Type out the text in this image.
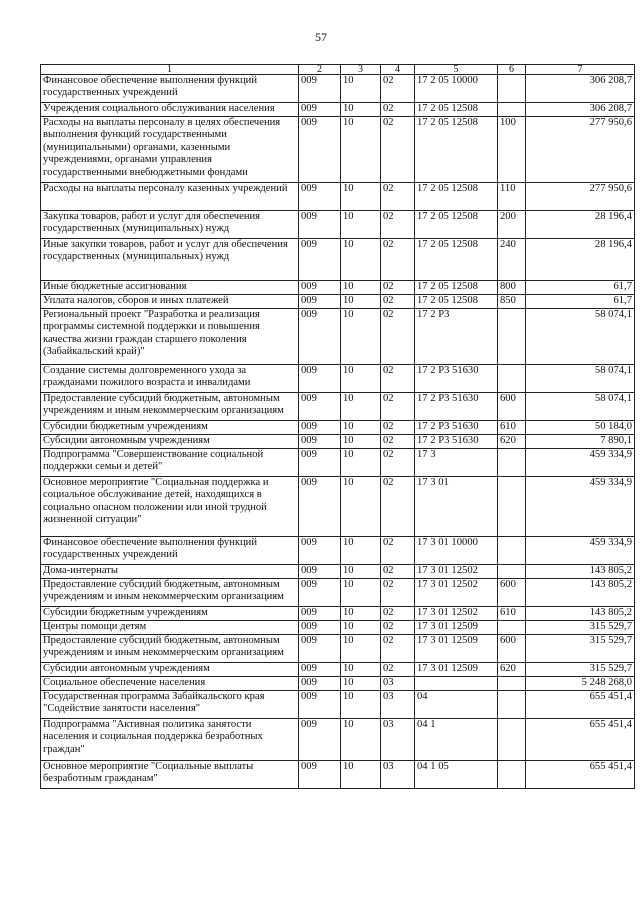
57
1	2	3	4	5	6	7
Финансовое обеспечение выполнения функций государственных учреждений	009	10	02	17 2 05 10000		306 208,7
Учреждения социального обслуживания населения	009	10	02	17 2 05 12508		306 208,7
Расходы на выплаты персоналу в целях обеспечения выполнения функций государственными (муниципальными) органами, казенными учреждениями, органами управления государственными внебюджетными фондами	009	10	02	17 2 05 12508	100	277 950,6
Расходы на выплаты персоналу казенных учреждений	009	10	02	17 2 05 12508	110	277 950,6
Закупка товаров, работ и услуг для обеспечения государственных (муниципальных) нужд	009	10	02	17 2 05 12508	200	28 196,4
Иные закупки товаров, работ и услуг для обеспечения государственных (муниципальных) нужд	009	10	02	17 2 05 12508	240	28 196,4
Иные бюджетные ассигнования	009	10	02	17 2 05 12508	800	61,7
Уплата налогов, сборов и иных платежей	009	10	02	17 2 05 12508	850	61,7
Региональный проект "Разработка и реализация программы системной поддержки и повышения качества жизни граждан старшего поколения (Забайкальский край)"	009	10	02	17 2 P3		58 074,1
Создание системы долговременного ухода за гражданами пожилого возраста и инвалидами	009	10	02	17 2 P3 51630		58 074,1
Предоставление субсидий бюджетным, автономным учреждениям и иным некоммерческим организациям	009	10	02	17 2 P3 51630	600	58 074,1
Субсидии бюджетным учреждениям	009	10	02	17 2 P3 51630	610	50 184,0
Субсидии автономным учреждениям	009	10	02	17 2 P3 51630	620	7 890,1
Подпрограмма "Совершенствование социальной поддержки семьи и детей"	009	10	02	17 3		459 334,9
Основное мероприятие "Социальная поддержка и социальное обслуживание детей, находящихся в социально опасном положении или иной трудной жизненной ситуации"	009	10	02	17 3 01		459 334,9
Финансовое обеспечение выполнения функций государственных учреждений	009	10	02	17 3 01 10000		459 334,9
Дома-интернаты	009	10	02	17 3 01 12502		143 805,2
Предоставление субсидий бюджетным, автономным учреждениям и иным некоммерческим организациям	009	10	02	17 3 01 12502	600	143 805,2
Субсидии бюджетным учреждениям	009	10	02	17 3 01 12502	610	143 805,2
Центры помощи детям	009	10	02	17 3 01 12509		315 529,7
Предоставление субсидий бюджетным, автономным учреждениям и иным некоммерческим организациям	009	10	02	17 3 01 12509	600	315 529,7
Субсидии автономным учреждениям	009	10	02	17 3 01 12509	620	315 529,7
Социальное обеспечение населения	009	10	03			5 248 268,0
Государственная программа Забайкальского края "Содействие занятости населения"	009	10	03	04		655 451,4
Подпрограмма "Активная политика занятости населения и социальная поддержка безработных граждан"	009	10	03	04 1		655 451,4
Основное мероприятие "Социальные выплаты безработным гражданам"	009	10	03	04 1 05		655 451,4
